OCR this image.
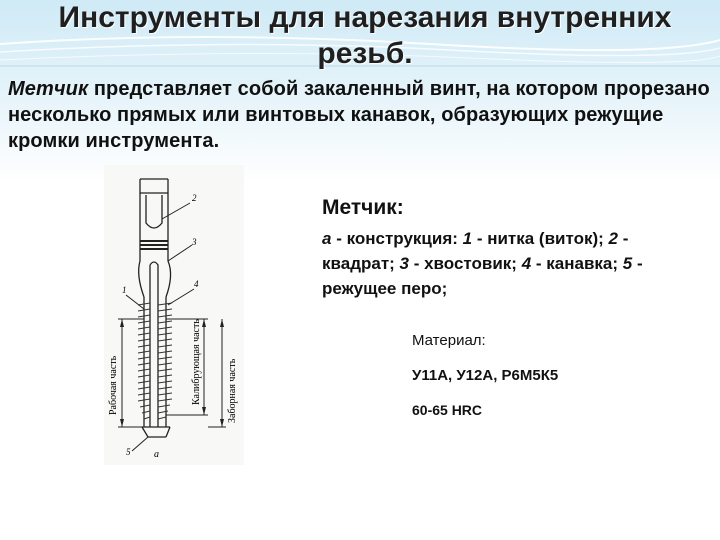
Инструменты для нарезания внутренних резьб.

Метчик представляет собой закаленный винт, на котором прорезано несколько прямых или винтовых канавок, образующих режущие кромки инструмента.

1
2
3
4
5 а
Рабочая часть	Калибрующая часть	Заборная часть

Метчик:

а - конструкция: 1 - нитка (виток); 2 - квадрат; 3 - хвостовик; 4 - канавка; 5 - режущее перо;

Материал:
У11А, У12А, Р6М5К5
60-65 HRC
